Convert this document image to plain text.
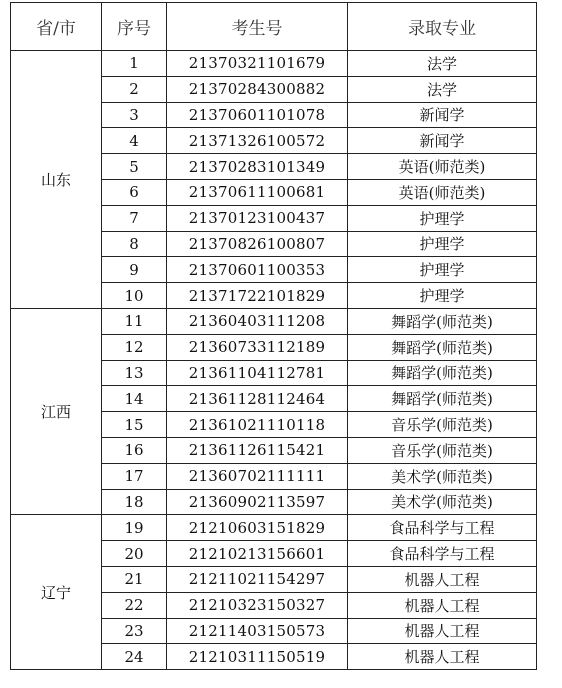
省/市	序号	考生号	录取专业
山东	1	21370321101679	法学
	2	21370284300882	法学
	3	21370601101078	新闻学
	4	21371326100572	新闻学
	5	21370283101349	英语(师范类)
	6	21370611100681	英语(师范类)
	7	21370123100437	护理学
	8	21370826100807	护理学
	9	21370601100353	护理学
	10	21371722101829	护理学
江西	11	21360403111208	舞蹈学(师范类)
	12	21360733112189	舞蹈学(师范类)
	13	21361104112781	舞蹈学(师范类)
	14	21361128112464	舞蹈学(师范类)
	15	21361021110118	音乐学(师范类)
	16	21361126115421	音乐学(师范类)
	17	21360702111111	美术学(师范类)
	18	21360902113597	美术学(师范类)
辽宁	19	21210603151829	食品科学与工程
	20	21210213156601	食品科学与工程
	21	21211021154297	机器人工程
	22	21210323150327	机器人工程
	23	21211403150573	机器人工程
	24	21210311150519	机器人工程
